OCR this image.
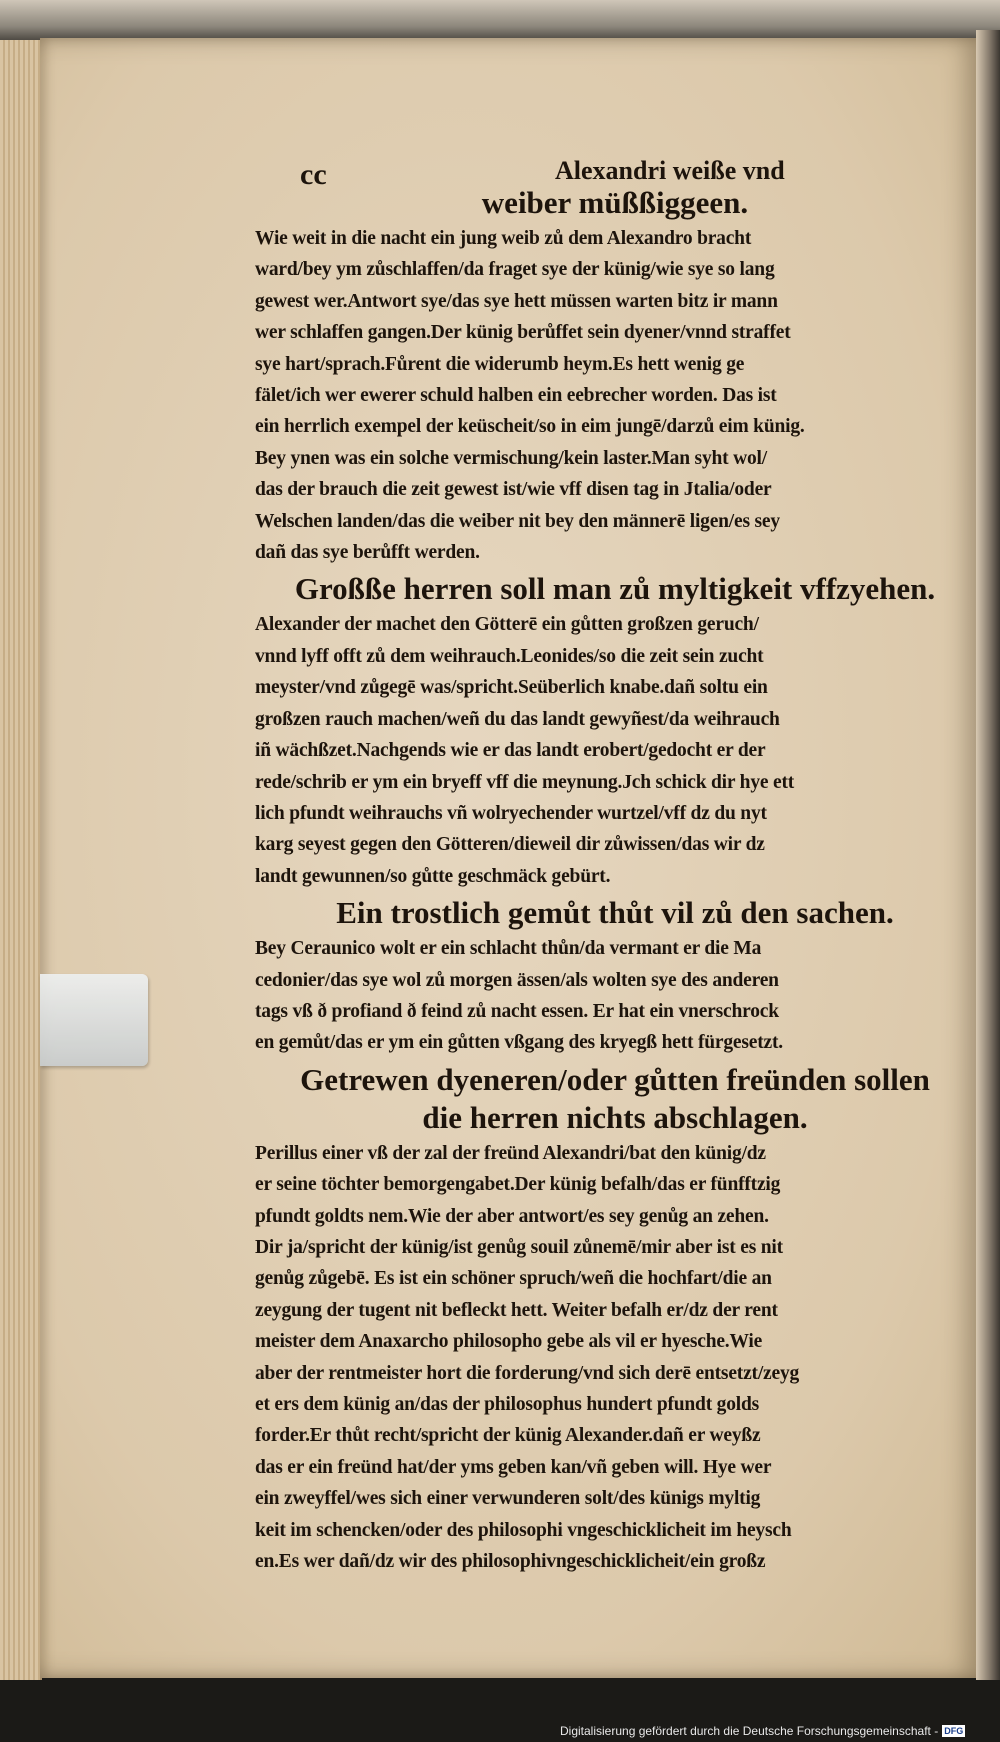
cc	Alexandri weiße vnd
weiber müßßiggeen.
Wie weit in die nacht ein jung weib zů dem Alexandro bracht
ward/bey ym zůschlaffen/da fraget sye der künig/wie sye so lang
gewest wer.Antwort sye/das sye hett müssen warten bitz ir mann
wer schlaffen gangen.Der künig berůffet sein dyener/vnnd straffet
sye hart/sprach.Fůrent die widerumb heym.Es hett wenig ge
fälet/ich wer ewerer schuld halben ein eebrecher worden. Das ist
ein herrlich exempel der keüscheit/so in eim jungē/darzů eim künig.
Bey ynen was ein solche vermischung/kein laster.Man syht wol/
das der brauch die zeit gewest ist/wie vff disen tag in Jtalia/oder
Welschen landen/das die weiber nit bey den männerē ligen/es sey
dañ das sye berůfft werden.
Großße herren soll man zů myltigkeit vffzyehen.
Alexander der machet den Götterē ein gůtten großzen geruch/
vnnd lyff offt zů dem weihrauch.Leonides/so die zeit sein zucht
meyster/vnd zůgegē was/spricht.Seüberlich knabe.dañ soltu ein
großzen rauch machen/weñ du das landt gewyñest/da weihrauch
iñ wächßzet.Nachgends wie er das landt erobert/gedocht er der
rede/schrib er ym ein bryeff vff die meynung.Jch schick dir hye ett
lich pfundt weihrauchs vñ wolryechender wurtzel/vff dz du nyt
karg seyest gegen den Götteren/dieweil dir zůwissen/das wir dz
landt gewunnen/so gůtte geschmäck gebürt.
Ein trostlich gemůt thůt vil zů den sachen.
Bey Ceraunico wolt er ein schlacht thůn/da vermant er die Ma
cedonier/das sye wol zů morgen ässen/als wolten sye des anderen
tags vß ð profiand ð feind zů nacht essen. Er hat ein vnerschrock
en gemůt/das er ym ein gůtten vßgang des kryegß hett fürgesetzt.
Getrewen dyeneren/oder gůtten freünden sollen
die herren nichts abschlagen.
Perillus einer vß der zal der freünd Alexandri/bat den künig/dz
er seine töchter bemorgengabet.Der künig befalh/das er fünfftzig
pfundt goldts nem.Wie der aber antwort/es sey genůg an zehen.
Dir ja/spricht der künig/ist genůg souil zůnemē/mir aber ist es nit
genůg zůgebē. Es ist ein schöner spruch/weñ die hochfart/die an
zeygung der tugent nit befleckt hett. Weiter befalh er/dz der rent
meister dem Anaxarcho philosopho gebe als vil er hyesche.Wie
aber der rentmeister hort die forderung/vnd sich derē entsetzt/zeyg
et ers dem künig an/das der philosophus hundert pfundt golds
forder.Er thůt recht/spricht der künig Alexander.dañ er weyßz
das er ein freünd hat/der yms geben kan/vñ geben will. Hye wer
ein zweyffel/wes sich einer verwunderen solt/des künigs myltig
keit im schencken/oder des philosophi vngeschicklicheit im heysch
en.Es wer dañ/dz wir des philosophivngeschicklicheit/ein großz
Digitalisierung gefördert durch die Deutsche Forschungsgemeinschaft - DFG
